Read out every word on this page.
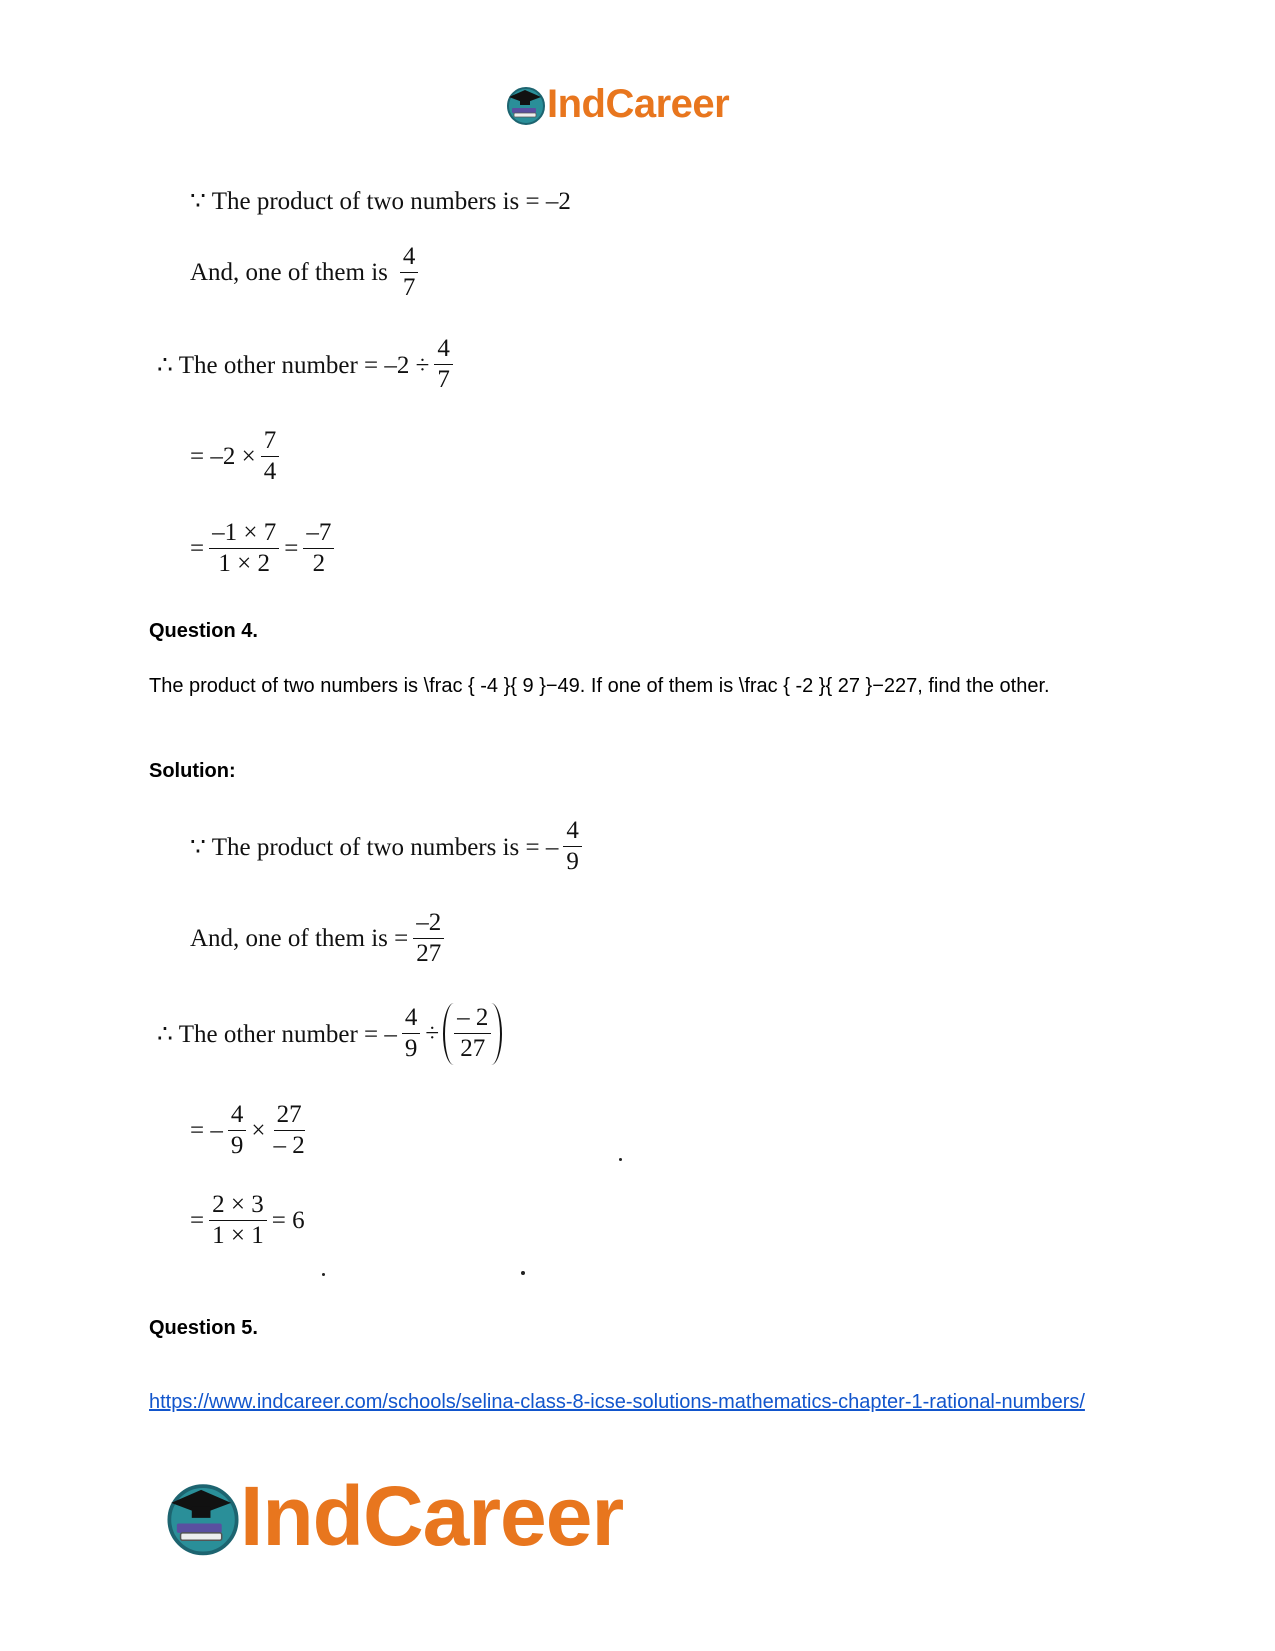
IndCareer
∵ The product of two numbers is = –2
And, one of them is $\frac{4}{7}$
∴ The other number = $-2 \div \frac{4}{7}$
= $-2 \times \frac{7}{4}$
= $\frac{-1 \times 7}{1 \times 2} = \frac{-7}{2}$
Question 4.
The product of two numbers is \frac { -4 }{ 9 }−49. If one of them is \frac { -2 }{ 27 }−227, find the other.
Solution:
∵ The product of two numbers is = – $\frac{4}{9}$
And, one of them is = $\frac{-2}{27}$
∴ The other number = – $\frac{4}{9} \div \frac{- 2}{27}$
= – $\frac{4}{9} \times \frac{27}{- 2}$
= $\frac{2 \times 3}{1 \times 1} = 6$
Question 5.
https://www.indcareer.com/schools/selina-class-8-icse-solutions-mathematics-chapter-1-rational-numbers/
IndCareer
